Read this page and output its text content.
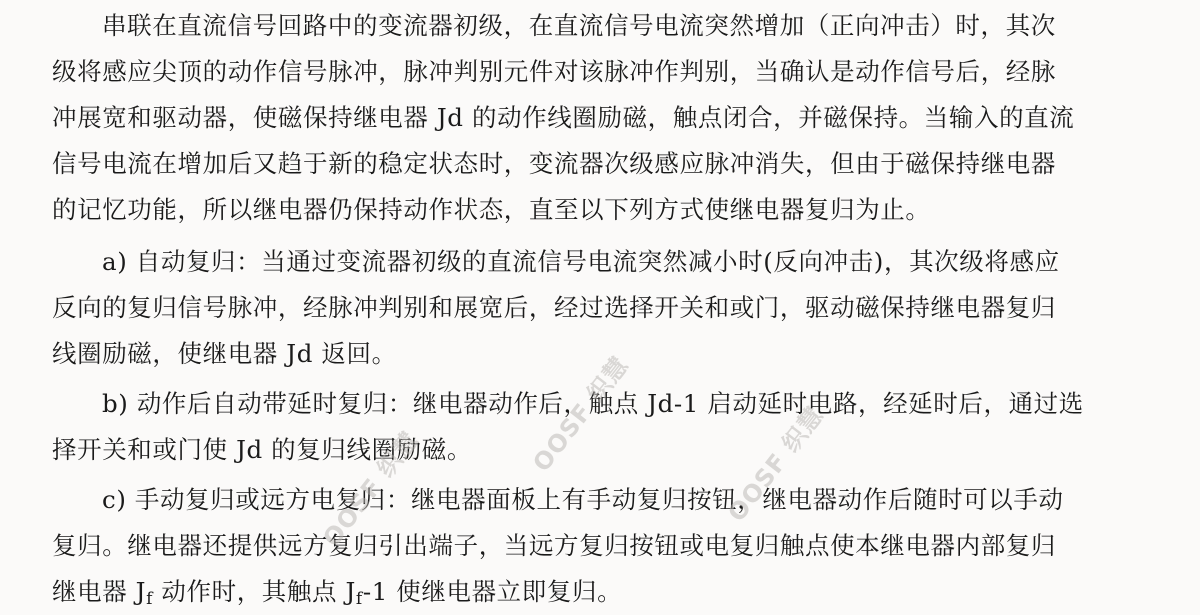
串联在直流信号回路中的变流器初级，在直流信号电流突然增加（正向冲击）时，其次
级将感应尖顶的动作信号脉冲，脉冲判别元件对该脉冲作判别，当确认是动作信号后，经脉
冲展宽和驱动器，使磁保持继电器 Jd 的动作线圈励磁，触点闭合，并磁保持。当输入的直流
信号电流在增加后又趋于新的稳定状态时，变流器次级感应脉冲消失，但由于磁保持继电器
的记忆功能，所以继电器仍保持动作状态，直至以下列方式使继电器复归为止。

a) 自动复归：当通过变流器初级的直流信号电流突然减小时(反向冲击)，其次级将感应
反向的复归信号脉冲，经脉冲判别和展宽后，经过选择开关和或门，驱动磁保持继电器复归
线圈励磁，使继电器 Jd 返回。

b) 动作后自动带延时复归：继电器动作后，触点 Jd-1 启动延时电路，经延时后，通过选
择开关和或门使 Jd 的复归线圈励磁。

c) 手动复归或远方电复归：继电器面板上有手动复归按钮，继电器动作后随时可以手动
复归。继电器还提供远方复归引出端子，当远方复归按钮或电复归触点使本继电器内部复归
继电器 $J_f$ 动作时，其触点 $J_f-1$ 使继电器立即复归。

OOSF 织慧
OOSF 织慧	OOSF 织慧
